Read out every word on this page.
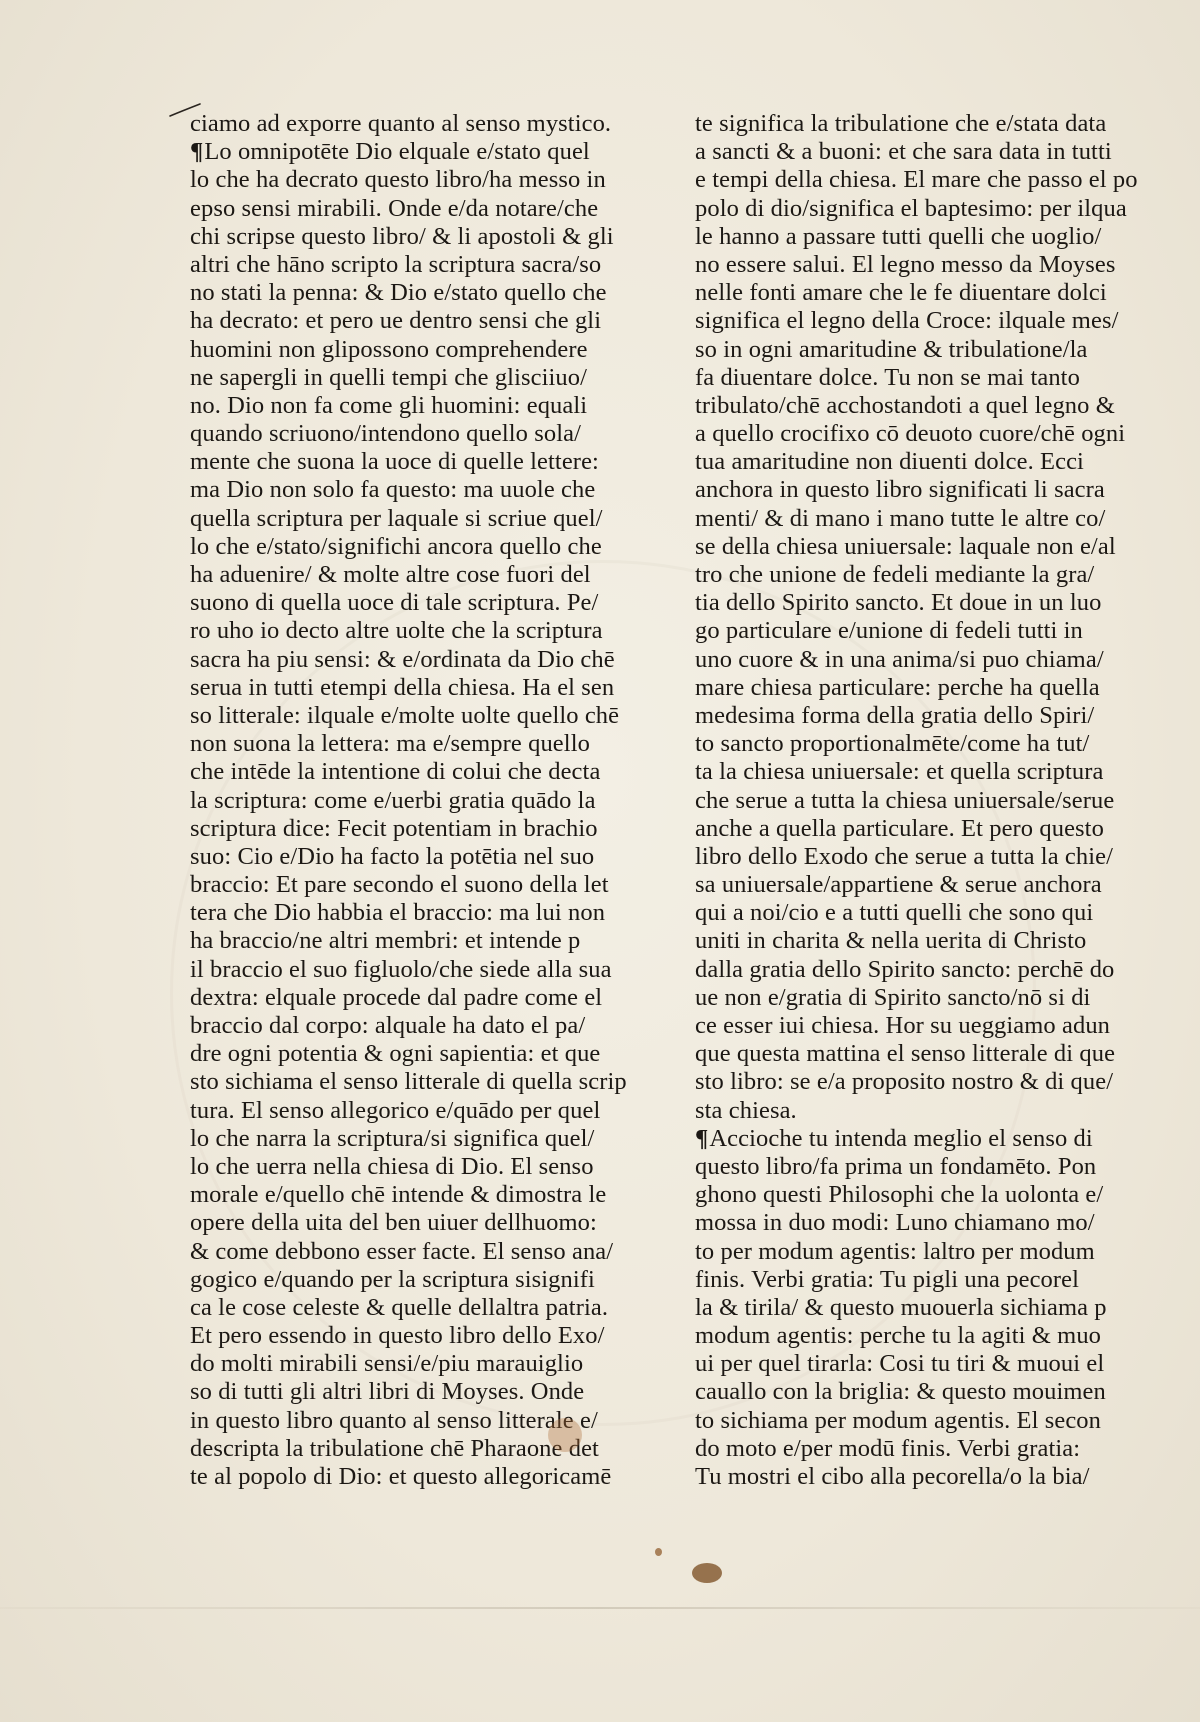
ciamo ad exporre quanto al senso mystico.
¶Lo omnipotēte Dio elquale e/stato quel
lo che ha decrato questo libro/ha messo in
epso sensi mirabili. Onde e/da notare/che
chi scripse questo libro/ & li apostoli & gli
altri che hāno scripto la scriptura sacra/so
no stati la penna: & Dio e/stato quello che
ha decrato: et pero ue dentro sensi che gli
huomini non glipossono comprehendere
ne sapergli in quelli tempi che glisciiuo/
no. Dio non fa come gli huomini: equali
quando scriuono/intendono quello sola/
mente che suona la uoce di quelle lettere:
ma Dio non solo fa questo: ma uuole che
quella scriptura per laquale si scriue quel/
lo che e/stato/significhi ancora quello che
ha aduenire/ & molte altre cose fuori del
suono di quella uoce di tale scriptura. Pe/
ro uho io decto altre uolte che la scriptura
sacra ha piu sensi: & e/ordinata da Dio chē
serua in tutti etempi della chiesa. Ha el sen
so litterale: ilquale e/molte uolte quello chē
non suona la lettera: ma e/sempre quello
che intēde la intentione di colui che decta
la scriptura: come e/uerbi gratia quādo la
scriptura dice: Fecit potentiam in brachio
suo: Cio e/Dio ha facto la potētia nel suo
braccio: Et pare secondo el suono della let
tera che Dio habbia el braccio: ma lui non
ha braccio/ne altri membri: et intende p
il braccio el suo figluolo/che siede alla sua
dextra: elquale procede dal padre come el
braccio dal corpo: alquale ha dato el pa/
dre ogni potentia & ogni sapientia: et que
sto sichiama el senso litterale di quella scrip
tura. El senso allegorico e/quādo per quel
lo che narra la scriptura/si significa quel/
lo che uerra nella chiesa di Dio. El senso
morale e/quello chē intende & dimostra le
opere della uita del ben uiuer dellhuomo:
& come debbono esser facte. El senso ana/
gogico e/quando per la scriptura sisignifi
ca le cose celeste & quelle dellaltra patria.
Et pero essendo in questo libro dello Exo/
do molti mirabili sensi/e/piu marauiglio
so di tutti gli altri libri di Moyses. Onde
in questo libro quanto al senso litterale e/
descripta la tribulatione chē Pharaone det
te al popolo di Dio: et questo allegoricamē
te significa la tribulatione che e/stata data
a sancti & a buoni: et che sara data in tutti
e tempi della chiesa. El mare che passo el po
polo di dio/significa el baptesimo: per ilqua
le hanno a passare tutti quelli che uoglio/
no essere salui. El legno messo da Moyses
nelle fonti amare che le fe diuentare dolci
significa el legno della Croce: ilquale mes/
so in ogni amaritudine & tribulatione/la
fa diuentare dolce. Tu non se mai tanto
tribulato/chē acchostandoti a quel legno &
a quello crocifixo cō deuoto cuore/chē ogni
tua amaritudine non diuenti dolce. Ecci
anchora in questo libro significati li sacra
menti/ & di mano i mano tutte le altre co/
se della chiesa uniuersale: laquale non e/al
tro che unione de fedeli mediante la gra/
tia dello Spirito sancto. Et doue in un luo
go particulare e/unione di fedeli tutti in
uno cuore & in una anima/si puo chiama/
mare chiesa particulare: perche ha quella
medesima forma della gratia dello Spiri/
to sancto proportionalmēte/come ha tut/
ta la chiesa uniuersale: et quella scriptura
che serue a tutta la chiesa uniuersale/serue
anche a quella particulare. Et pero questo
libro dello Exodo che serue a tutta la chie/
sa uniuersale/appartiene & serue anchora
qui a noi/cio e a tutti quelli che sono qui
uniti in charita & nella uerita di Christo
dalla gratia dello Spirito sancto: perchē do
ue non e/gratia di Spirito sancto/nō si di
ce esser iui chiesa. Hor su ueggiamo adun
que questa mattina el senso litterale di que
sto libro: se e/a proposito nostro & di que/
sta chiesa.
¶Accioche tu intenda meglio el senso di
questo libro/fa prima un fondamēto. Pon
ghono questi Philosophi che la uolonta e/
mossa in duo modi: Luno chiamano mo/
to per modum agentis: laltro per modum
finis. Verbi gratia: Tu pigli una pecorel
la & tirila/ & questo muouerla sichiama p
modum agentis: perche tu la agiti & muo
ui per quel tirarla: Cosi tu tiri & muoui el
cauallo con la briglia: & questo mouimen
to sichiama per modum agentis. El secon
do moto e/per modū finis. Verbi gratia:
Tu mostri el cibo alla pecorella/o la bia/
